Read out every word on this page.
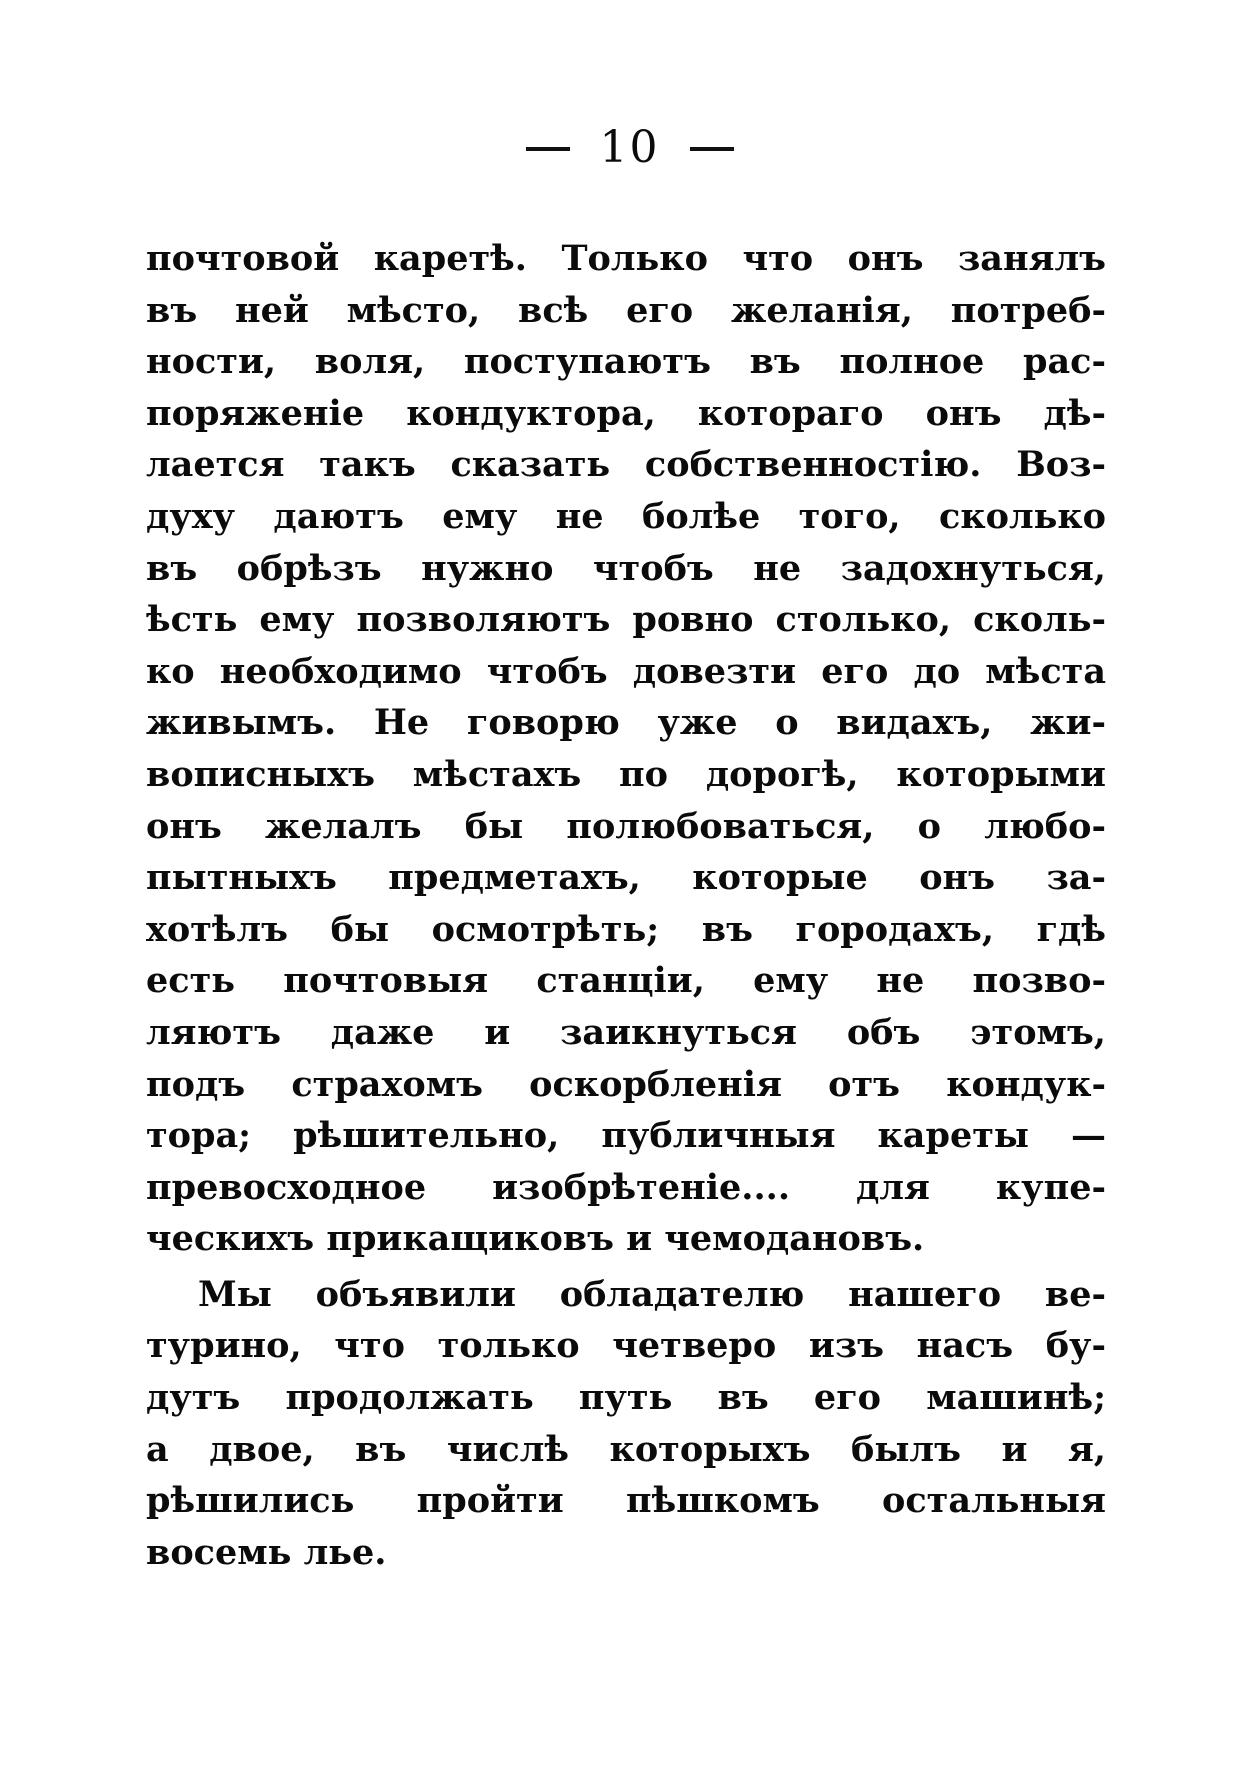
10
почтовой каретѣ. Только что онъ занялъ
въ ней мѣсто, всѣ его желанія, потреб-
ности, воля, поступаютъ въ полное рас-
поряженіе кондуктора, котораго онъ дѣ-
лается такъ сказать собственностію. Воз-
духу даютъ ему не болѣе того, сколько
въ обрѣзъ нужно чтобъ не задохнуться,
ѣсть ему позволяютъ ровно столько, сколь-
ко необходимо чтобъ довезти его до мѣста
живымъ. Не говорю уже о видахъ, жи-
вописныхъ мѣстахъ по дорогѣ, которыми
онъ желалъ бы полюбоваться, о любо-
пытныхъ предметахъ, которые онъ за-
хотѣлъ бы осмотрѣть; въ городахъ, гдѣ
есть почтовыя станціи, ему не позво-
ляютъ даже и заикнуться объ этомъ,
подъ страхомъ оскорбленія отъ кондук-
тора; рѣшительно, публичныя кареты —
превосходное изобрѣтеніе.... для купе-
ческихъ прикащиковъ и чемодановъ.
Мы объявили обладателю нашего ве-
турино, что только четверо изъ насъ бу-
дутъ продолжать путь въ его машинѣ;
а двое, въ числѣ которыхъ былъ и я,
рѣшились пройти пѣшкомъ остальныя
восемь лье.
